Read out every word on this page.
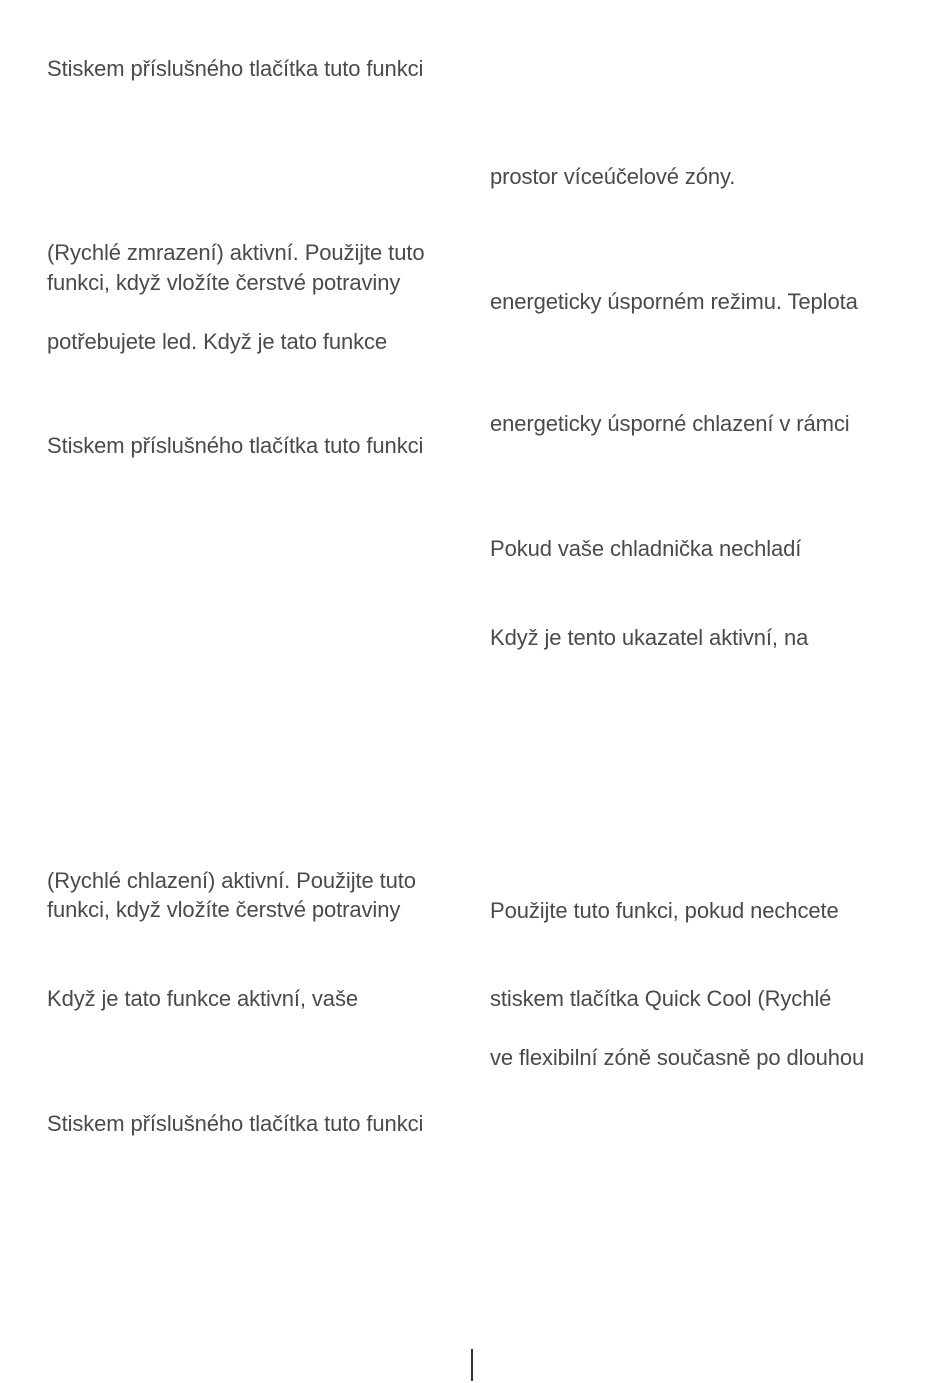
Stiskem příslušného tlačítka tuto funkci
(Rychlé zmrazení) aktivní. Použijte tuto
funkci, když vložíte čerstvé potraviny
potřebujete led. Když je tato funkce
Stiskem příslušného tlačítka tuto funkci
(Rychlé chlazení) aktivní. Použijte tuto
funkci, když vložíte čerstvé potraviny
Když je tato funkce aktivní, vaše
Stiskem příslušného tlačítka tuto funkci
prostor víceúčelové zóny.
energeticky úsporném režimu. Teplota
energeticky úsporné chlazení v rámci
Pokud vaše chladnička nechladí
Když je tento ukazatel aktivní, na
Použijte tuto funkci, pokud nechcete
stiskem tlačítka Quick Cool (Rychlé
ve flexibilní zóně současně po dlouhou
